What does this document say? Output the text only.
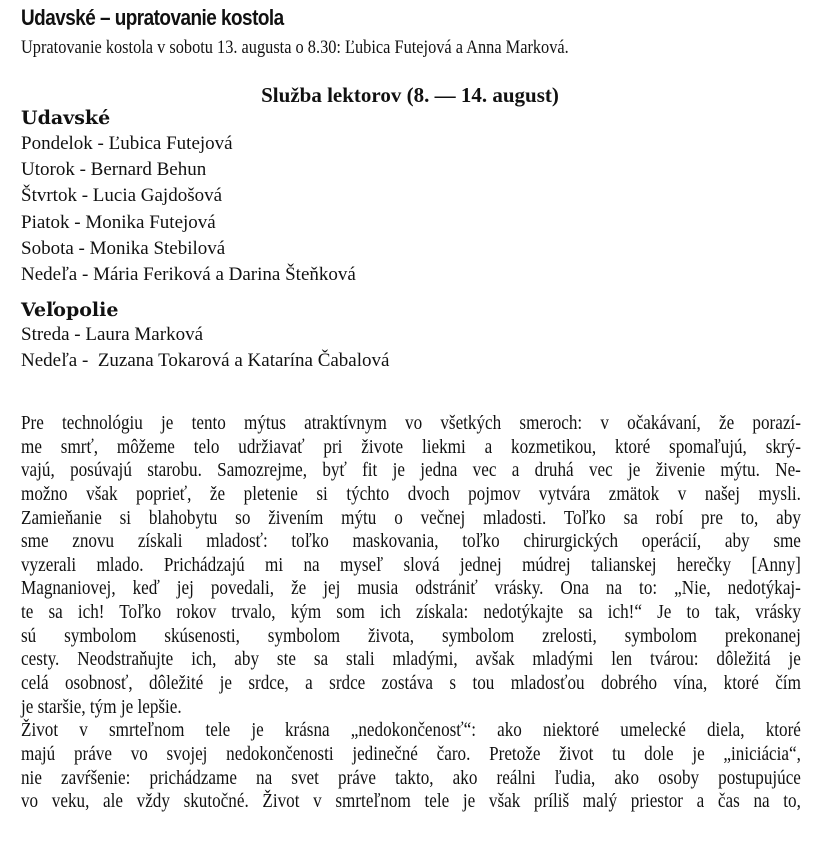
Udavské – upratovanie kostola
Upratovanie kostola v sobotu 13. augusta o 8.30: Ľubica Futejová a Anna Marková.
Služba lektorov (8. — 14. august)
Udavské
Pondelok - Ľubica Futejová
Utorok - Bernard Behun
Štvrtok - Lucia Gajdošová
Piatok - Monika Futejová
Sobota - Monika Stebilová
Nedeľa - Mária Feriková a Darina Šteňková
Veľopolie
Streda - Laura Marková
Nedeľa -  Zuzana Tokarová a Katarína Čabalová
Pre technológiu je tento mýtus atraktívnym vo všetkých smeroch: v očakávaní, že porazí-
me smrť, môžeme telo udržiavať pri živote liekmi a kozmetikou, ktoré spomaľujú, skrý-
vajú, posúvajú starobu. Samozrejme, byť fit je jedna vec a druhá vec je živenie mýtu. Ne-
možno však poprieť, že pletenie si týchto dvoch pojmov vytvára zmätok v našej mysli.
Zamieňanie si blahobytu so živením mýtu o večnej mladosti. Toľko sa robí pre to, aby
sme znovu získali mladosť: toľko maskovania, toľko chirurgických operácií, aby sme
vyzerali mlado. Prichádzajú mi na myseľ slová jednej múdrej talianskej herečky [Anny]
Magnaniovej, keď jej povedali, že jej musia odstrániť vrásky. Ona na to: „Nie, nedotýkaj-
te sa ich! Toľko rokov trvalo, kým som ich získala: nedotýkajte sa ich!“ Je to tak, vrásky
sú symbolom skúsenosti, symbolom života, symbolom zrelosti, symbolom prekonanej
cesty. Neodstraňujte ich, aby ste sa stali mladými, avšak mladými len tvárou: dôležitá je
celá osobnosť, dôležité je srdce, a srdce zostáva s tou mladosťou dobrého vína, ktoré čím
je staršie, tým je lepšie.
Život v smrteľnom tele je krásna „nedokončenosť“: ako niektoré umelecké diela, ktoré
majú práve vo svojej nedokončenosti jedinečné čaro. Pretože život tu dole je „iniciácia“,
nie zavŕšenie: prichádzame na svet práve takto, ako reálni ľudia, ako osoby postupujúce
vo veku, ale vždy skutočné. Život v smrteľnom tele je však príliš malý priestor a čas na to,
